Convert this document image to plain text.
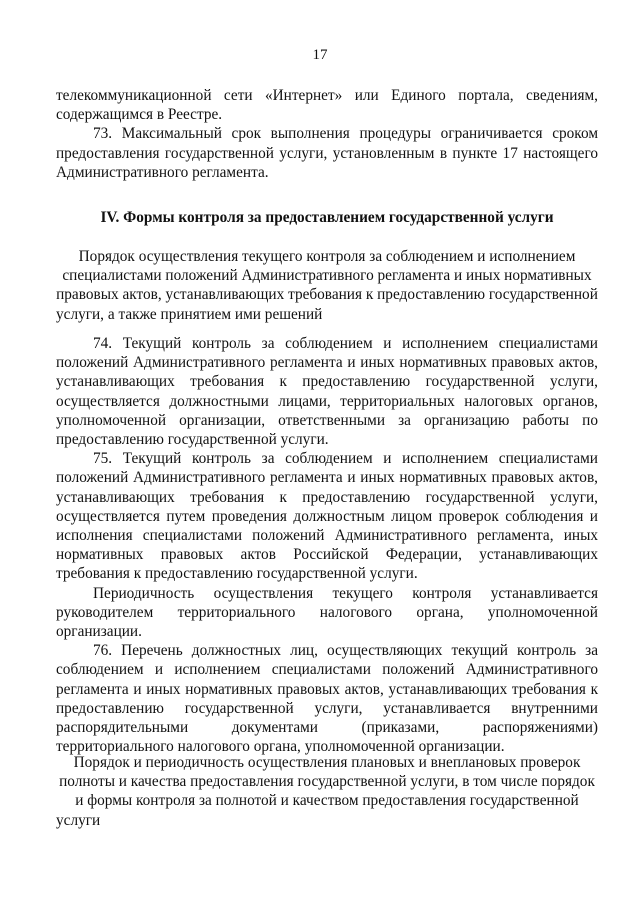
17

телекоммуникационной сети «Интернет» или Единого портала, сведениям, содержащимся в Реестре.

73. Максимальный срок выполнения процедуры ограничивается сроком предоставления государственной услуги, установленным в пункте 17 настоящего Административного регламента.

IV. Формы контроля за предоставлением государственной услуги

Порядок осуществления текущего контроля за соблюдением и исполнением специалистами положений Административного регламента и иных нормативных правовых актов, устанавливающих требования к предоставлению государственной услуги, а также принятием ими решений

74. Текущий контроль за соблюдением и исполнением специалистами положений Административного регламента и иных нормативных правовых актов, устанавливающих требования к предоставлению государственной услуги, осуществляется должностными лицами, территориальных налоговых органов, уполномоченной организации, ответственными за организацию работы по предоставлению государственной услуги.

75. Текущий контроль за соблюдением и исполнением специалистами положений Административного регламента и иных нормативных правовых актов, устанавливающих требования к предоставлению государственной услуги, осуществляется путем проведения должностным лицом проверок соблюдения и исполнения специалистами положений Административного регламента, иных нормативных правовых актов Российской Федерации, устанавливающих требования к предоставлению государственной услуги.

Периодичность осуществления текущего контроля устанавливается руководителем территориального налогового органа, уполномоченной организации.

76. Перечень должностных лиц, осуществляющих текущий контроль за соблюдением и исполнением специалистами положений Административного регламента и иных нормативных правовых актов, устанавливающих требования к предоставлению государственной услуги, устанавливается внутренними распорядительными документами (приказами, распоряжениями) территориального налогового органа, уполномоченной организации.

Порядок и периодичность осуществления плановых и внеплановых проверок полноты и качества предоставления государственной услуги, в том числе порядок и формы контроля за полнотой и качеством предоставления государственной услуги
